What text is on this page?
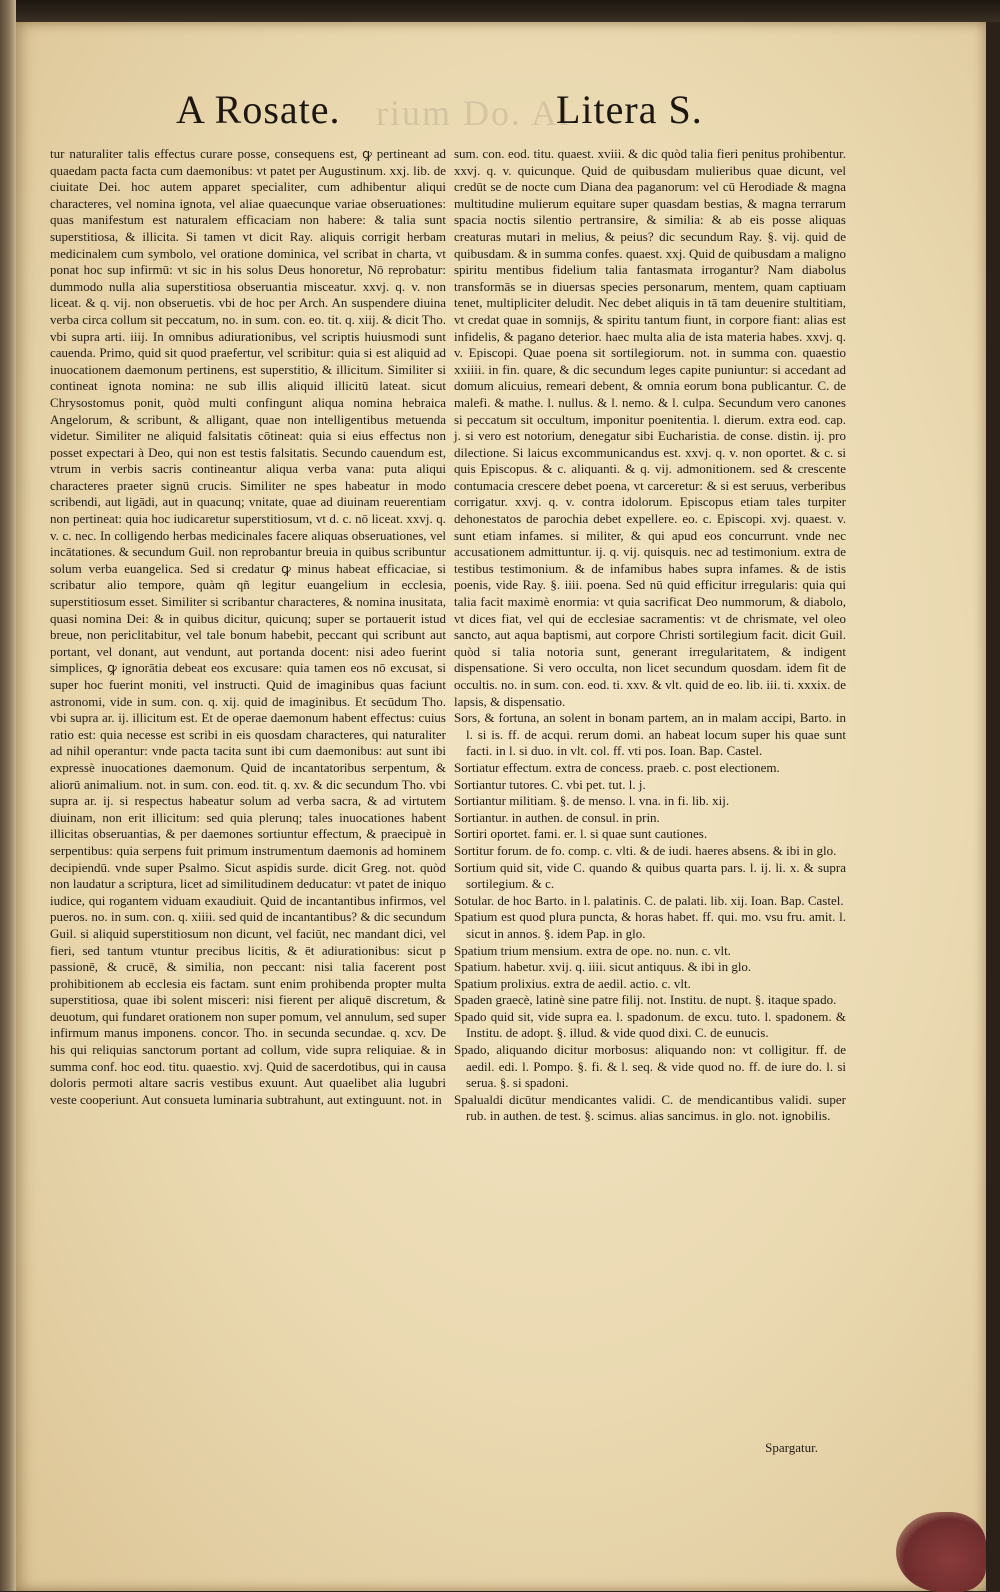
rium Do. Al
A Rosate.	Litera S.

tur naturaliter talis effectus curare posse, consequens est, ꝙ pertineant ad quaedam pacta facta cum daemonibus: vt patet per Augustinum. xxj. lib. de ciuitate Dei. hoc autem apparet specialiter, cum adhibentur aliqui characteres, vel nomina ignota, vel aliae quaecunque variae obseruationes: quas manifestum est naturalem efficaciam non habere: & talia sunt superstitiosa, & illicita. Si tamen vt dicit Ray. aliquis corrigit herbam medicinalem cum symbolo, vel oratione dominica, vel scribat in charta, vt ponat hoc sup infirmū: vt sic in his solus Deus honoretur, Nō reprobatur: dummodo nulla alia superstitiosa obseruantia misceatur. xxvj. q. v. non liceat. & q. vij. non obseruetis. vbi de hoc per Arch. An suspendere diuina verba circa collum sit peccatum, no. in sum. con. eo. tit. q. xiij. & dicit Tho. vbi supra arti. iiij. In omnibus adiurationibus, vel scriptis huiusmodi sunt cauenda. Primo, quid sit quod praefertur, vel scribitur: quia si est aliquid ad inuocationem daemonum pertinens, est superstitio, & illicitum. Similiter si contineat ignota nomina: ne sub illis aliquid illicitū lateat. sicut Chrysostomus ponit, quòd multi confingunt aliqua nomina hebraica Angelorum, & scribunt, & alligant, quae non intelligentibus metuenda videtur. Similiter ne aliquid falsitatis cōtineat: quia si eius effectus non posset expectari à Deo, qui non est testis falsitatis. Secundo cauendum est, vtrum in verbis sacris contineantur aliqua verba vana: puta aliqui characteres praeter signū crucis. Similiter ne spes habeatur in modo scribendi, aut ligādi, aut in quacunq; vnitate, quae ad diuinam reuerentiam non pertineat: quia hoc iudicaretur superstitiosum, vt d. c. nō liceat. xxvj. q. v. c. nec. In colligendo herbas medicinales facere aliquas obseruationes, vel incātationes. & secundum Guil. non reprobantur breuia in quibus scribuntur solum verba euangelica. Sed si credatur ꝙ minus habeat efficaciae, si scribatur alio tempore, quàm qñ legitur euangelium in ecclesia, superstitiosum esset. Similiter si scribantur characteres, & nomina inusitata, quasi nomina Dei: & in quibus dicitur, quicunq; super se portauerit istud breue, non periclitabitur, vel tale bonum habebit, peccant qui scribunt aut portant, vel donant, aut vendunt, aut portanda docent: nisi adeo fuerint simplices, ꝙ ignorātia debeat eos excusare: quia tamen eos nō excusat, si super hoc fuerint moniti, vel instructi. Quid de imaginibus quas faciunt astronomi, vide in sum. con. q. xij. quid de imaginibus. Et secūdum Tho. vbi supra ar. ij. illicitum est. Et de operae daemonum habent effectus: cuius ratio est: quia necesse est scribi in eis quosdam characteres, qui naturaliter ad nihil operantur: vnde pacta tacita sunt ibi cum daemonibus: aut sunt ibi expressè inuocationes daemonum. Quid de incantatoribus serpentum, & aliorū animalium. not. in sum. con. eod. tit. q. xv. & dic secundum Tho. vbi supra ar. ij. si respectus habeatur solum ad verba sacra, & ad virtutem diuinam, non erit illicitum: sed quia plerunq; tales inuocationes habent illicitas obseruantias, & per daemones sortiuntur effectum, & praecipuè in serpentibus: quia serpens fuit primum instrumentum daemonis ad hominem decipiendū. vnde super Psalmo. Sicut aspidis surde. dicit Greg. not. quòd non laudatur a scriptura, licet ad similitudinem deducatur: vt patet de iniquo iudice, qui rogantem viduam exaudiuit. Quid de incantantibus infirmos, vel pueros. no. in sum. con. q. xiiii. sed quid de incantantibus? & dic secundum Guil. si aliquid superstitiosum non dicunt, vel faciūt, nec mandant dici, vel fieri, sed tantum vtuntur precibus licitis, & ēt adiurationibus: sicut p passionē, & crucē, & similia, non peccant: nisi talia facerent post prohibitionem ab ecclesia eis factam. sunt enim prohibenda propter multa superstitiosa, quae ibi solent misceri: nisi fierent per aliquē discretum, & deuotum, qui fundaret orationem non super pomum, vel annulum, sed super infirmum manus imponens. concor. Tho. in secunda secundae. q. xcv. De his qui reliquias sanctorum portant ad collum, vide supra reliquiae. & in summa conf. hoc eod. titu. quaestio. xvj. Quid de sacerdotibus, qui in causa doloris permoti altare sacris vestibus exuunt. Aut quaelibet alia lugubri veste cooperiunt. Aut consueta luminaria subtrahunt, aut extinguunt. not. in

sum. con. eod. titu. quaest. xviii. & dic quòd talia fieri penitus prohibentur. xxvj. q. v. quicunque. Quid de quibusdam mulieribus quae dicunt, vel credūt se de nocte cum Diana dea paganorum: vel cū Herodiade & magna multitudine mulierum equitare super quasdam bestias, & magna terrarum spacia noctis silentio pertransire, & similia: & ab eis posse aliquas creaturas mutari in melius, & peius? dic secundum Ray. §. vij. quid de quibusdam. & in summa confes. quaest. xxj. Quid de quibusdam a maligno spiritu mentibus fidelium talia fantasmata irrogantur? Nam diabolus transformās se in diuersas species personarum, mentem, quam captiuam tenet, multipliciter deludit. Nec debet aliquis in tā tam deuenire stultitiam, vt credat quae in somnijs, & spiritu tantum fiunt, in corpore fiant: alias est infidelis, & pagano deterior. haec multa alia de ista materia habes. xxvj. q. v. Episcopi. Quae poena sit sortilegiorum. not. in summa con. quaestio xxiiii. in fin. quare, & dic secundum leges capite puniuntur: si accedant ad domum alicuius, remeari debent, & omnia eorum bona publicantur. C. de malefi. & mathe. l. nullus. & l. nemo. & l. culpa. Secundum vero canones si peccatum sit occultum, imponitur poenitentia. l. dierum. extra eod. cap. j. si vero est notorium, denegatur sibi Eucharistia. de conse. distin. ij. pro dilectione. Si laicus excommunicandus est. xxvj. q. v. non oportet. & c. si quis Episcopus. & c. aliquanti. & q. vij. admonitionem. sed & crescente contumacia crescere debet poena, vt carceretur: & si est seruus, verberibus corrigatur. xxvj. q. v. contra idolorum. Episcopus etiam tales turpiter dehonestatos de parochia debet expellere. eo. c. Episcopi. xvj. quaest. v. sunt etiam infames. si militer, & qui apud eos concurrunt. vnde nec accusationem admittuntur. ij. q. vij. quisquis. nec ad testimonium. extra de testibus testimonium. & de infamibus habes supra infames. & de istis poenis, vide Ray. §. iiii. poena. Sed nū quid efficitur irregularis: quia qui talia facit maximè enormia: vt quia sacrificat Deo nummorum, & diabolo, vt dices fiat, vel qui de ecclesiae sacramentis: vt de chrismate, vel oleo sancto, aut aqua baptismi, aut corpore Christi sortilegium facit. dicit Guil. quòd si talia notoria sunt, generant irregularitatem, & indigent dispensatione. Si vero occulta, non licet secundum quosdam. idem fit de occultis. no. in sum. con. eod. ti. xxv. & vlt. quid de eo. lib. iii. ti. xxxix. de lapsis, & dispensatio.

Sors, & fortuna, an solent in bonam partem, an in malam accipi, Barto. in l. si is. ff. de acqui. rerum domi. an habeat locum super his quae sunt facti. in l. si duo. in vlt. col. ff. vti pos. Ioan. Bap. Castel.

Sortiatur effectum. extra de concess. praeb. c. post electionem.

Sortiantur tutores. C. vbi pet. tut. l. j.

Sortiantur militiam. §. de menso. l. vna. in fi. lib. xij.

Sortiantur. in authen. de consul. in prin.

Sortiri oportet. fami. er. l. si quae sunt cautiones.

Sortitur forum. de fo. comp. c. vlti. & de iudi. haeres absens. & ibi in glo.

Sortium quid sit, vide C. quando & quibus quarta pars. l. ij. li. x. & supra sortilegium. & c.

Sotular. de hoc Barto. in l. palatinis. C. de palati. lib. xij. Ioan. Bap. Castel.

Spatium est quod plura puncta, & horas habet. ff. qui. mo. vsu fru. amit. l. sicut in annos. §. idem Pap. in glo.

Spatium trium mensium. extra de ope. no. nun. c. vlt.

Spatium. habetur. xvij. q. iiii. sicut antiquus. & ibi in glo.

Spatium prolixius. extra de aedil. actio. c. vlt.

Spaden graecè, latinè sine patre filij. not. Institu. de nupt. §. itaque spado.

Spado quid sit, vide supra ea. l. spadonum. de excu. tuto. l. spadonem. & Institu. de adopt. §. illud. & vide quod dixi. C. de eunucis.

Spado, aliquando dicitur morbosus: aliquando non: vt colligitur. ff. de aedil. edi. l. Pompo. §. fi. & l. seq. & vide quod no. ff. de iure do. l. si serua. §. si spadoni.

Spalualdi dicūtur mendicantes validi. C. de mendicantibus validi. super rub. in authen. de test. §. scimus. alias sancimus. in glo. not. ignobilis.

Spargatur.
